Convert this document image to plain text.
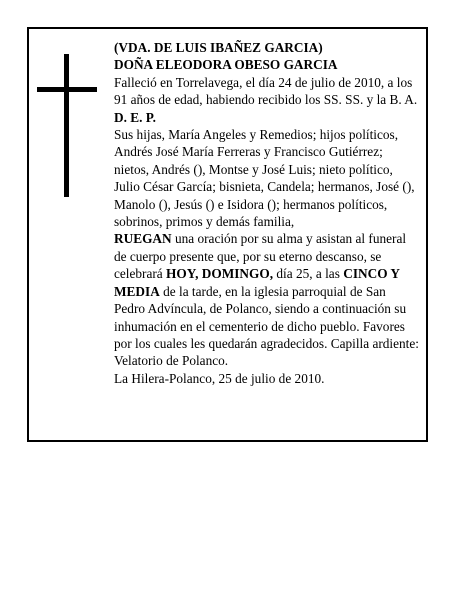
(VDA. DE LUIS IBAÑEZ GARCIA)

DOÑA ELEODORA OBESO GARCIA

Falleció en Torrelavega, el día 24 de julio de 2010, a los 91 años de edad, habiendo recibido los SS. SS. y la B. A.

D. E. P.

Sus hijas, María Angeles y Remedios; hijos políticos, Andrés José María Ferreras y Francisco Gutiérrez; nietos, Andrés (), Montse y José Luis; nieto político, Julio César García; bisnieta, Candela; hermanos, José (), Manolo (), Jesús () e Isidora (); hermanos políticos, sobrinos, primos y demás familia,

RUEGAN una oración por su alma y asistan al funeral de cuerpo presente que, por su eterno descanso, se celebrará HOY, DOMINGO, día 25, a las CINCO Y MEDIA de la tarde, en la iglesia parroquial de San Pedro Advíncula, de Polanco, siendo a continuación su inhumación en el cementerio de dicho pueblo. Favores por los cuales les quedarán agradecidos. Capilla ardiente: Velatorio de Polanco.

La Hilera-Polanco, 25 de julio de 2010.
